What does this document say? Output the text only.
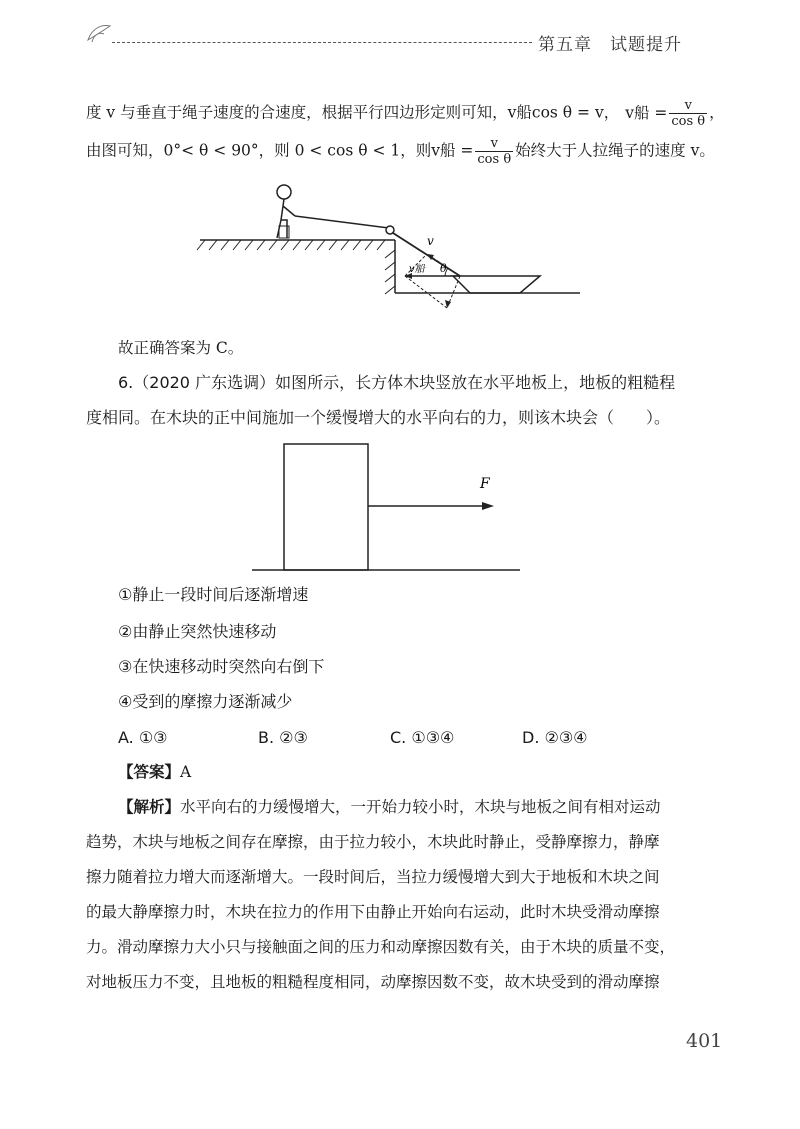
第五章　试题提升
度 v 与垂直于绳子速度的合速度，根据平行四边形定则可知，v船cos θ = v， v船 = $\frac{v}{\text{cos θ}}$ ，
由图可知，0°< θ < 90°，则 0 < cos θ < 1，则v船 = $\frac{v}{\text{cos θ}}$ 始终大于人拉绳子的速度 v。
v
v船 θ
故正确答案为 C。
6.（2020 广东选调）如图所示，长方体木块竖放在水平地板上，地板的粗糙程
度相同。在木块的正中间施加一个缓慢增大的水平向右的力，则该木块会（　　）。
F
①静止一段时间后逐渐增速
②由静止突然快速移动
③在快速移动时突然向右倒下
④受到的摩擦力逐渐减少
A. ①③	B. ②③	C. ①③④	D. ②③④
【答案】A
【解析】水平向右的力缓慢增大，一开始力较小时，木块与地板之间有相对运动
趋势，木块与地板之间存在摩擦，由于拉力较小，木块此时静止，受静摩擦力，静摩
擦力随着拉力增大而逐渐增大。一段时间后，当拉力缓慢增大到大于地板和木块之间
的最大静摩擦力时，木块在拉力的作用下由静止开始向右运动，此时木块受滑动摩擦
力。滑动摩擦力大小只与接触面之间的压力和动摩擦因数有关，由于木块的质量不变，
对地板压力不变，且地板的粗糙程度相同，动摩擦因数不变，故木块受到的滑动摩擦
401
